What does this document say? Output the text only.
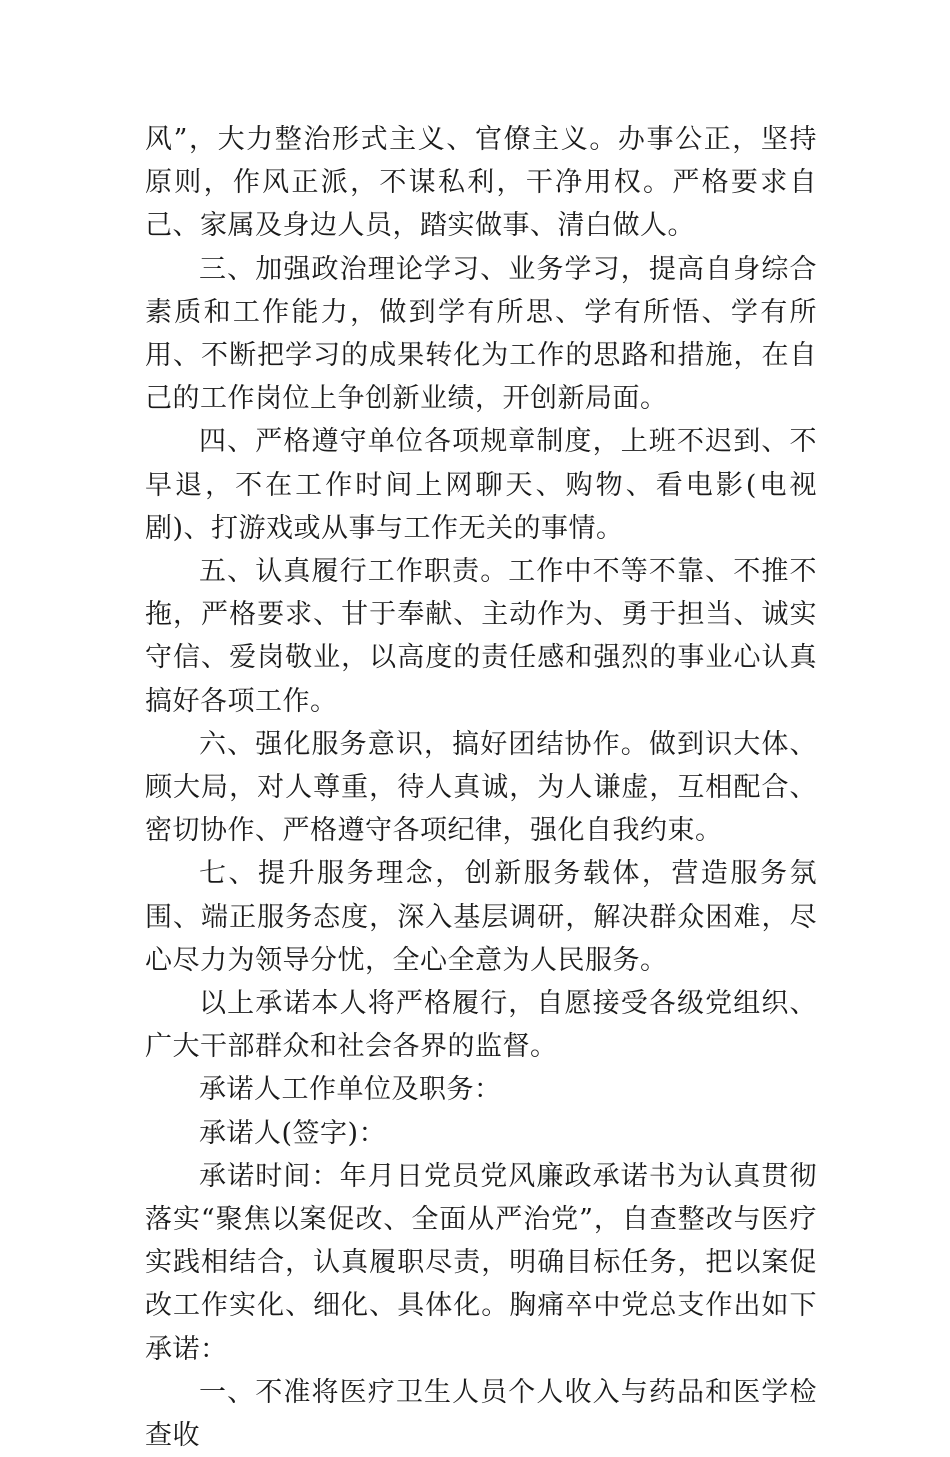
风”，大力整治形式主义、官僚主义。办事公正，坚持原则，作风正派，不谋私利，干净用权。严格要求自己、家属及身边人员，踏实做事、清白做人。

三、加强政治理论学习、业务学习，提高自身综合素质和工作能力，做到学有所思、学有所悟、学有所用、不断把学习的成果转化为工作的思路和措施，在自己的工作岗位上争创新业绩，开创新局面。

四、严格遵守单位各项规章制度，上班不迟到、不早退，不在工作时间上网聊天、购物、看电影(电视剧)、打游戏或从事与工作无关的事情。

五、认真履行工作职责。工作中不等不靠、不推不拖，严格要求、甘于奉献、主动作为、勇于担当、诚实守信、爱岗敬业，以高度的责任感和强烈的事业心认真搞好各项工作。

六、强化服务意识，搞好团结协作。做到识大体、顾大局，对人尊重，待人真诚，为人谦虚，互相配合、密切协作、严格遵守各项纪律，强化自我约束。

七、提升服务理念，创新服务载体，营造服务氛围、端正服务态度，深入基层调研，解决群众困难，尽心尽力为领导分忧，全心全意为人民服务。

以上承诺本人将严格履行，自愿接受各级党组织、广大干部群众和社会各界的监督。

承诺人工作单位及职务：

承诺人(签字)：

承诺时间：年月日党员党风廉政承诺书为认真贯彻落实“聚焦以案促改、全面从严治党”，自查整改与医疗实践相结合，认真履职尽责，明确目标任务，把以案促改工作实化、细化、具体化。胸痛卒中党总支作出如下承诺：

一、不准将医疗卫生人员个人收入与药品和医学检查收
